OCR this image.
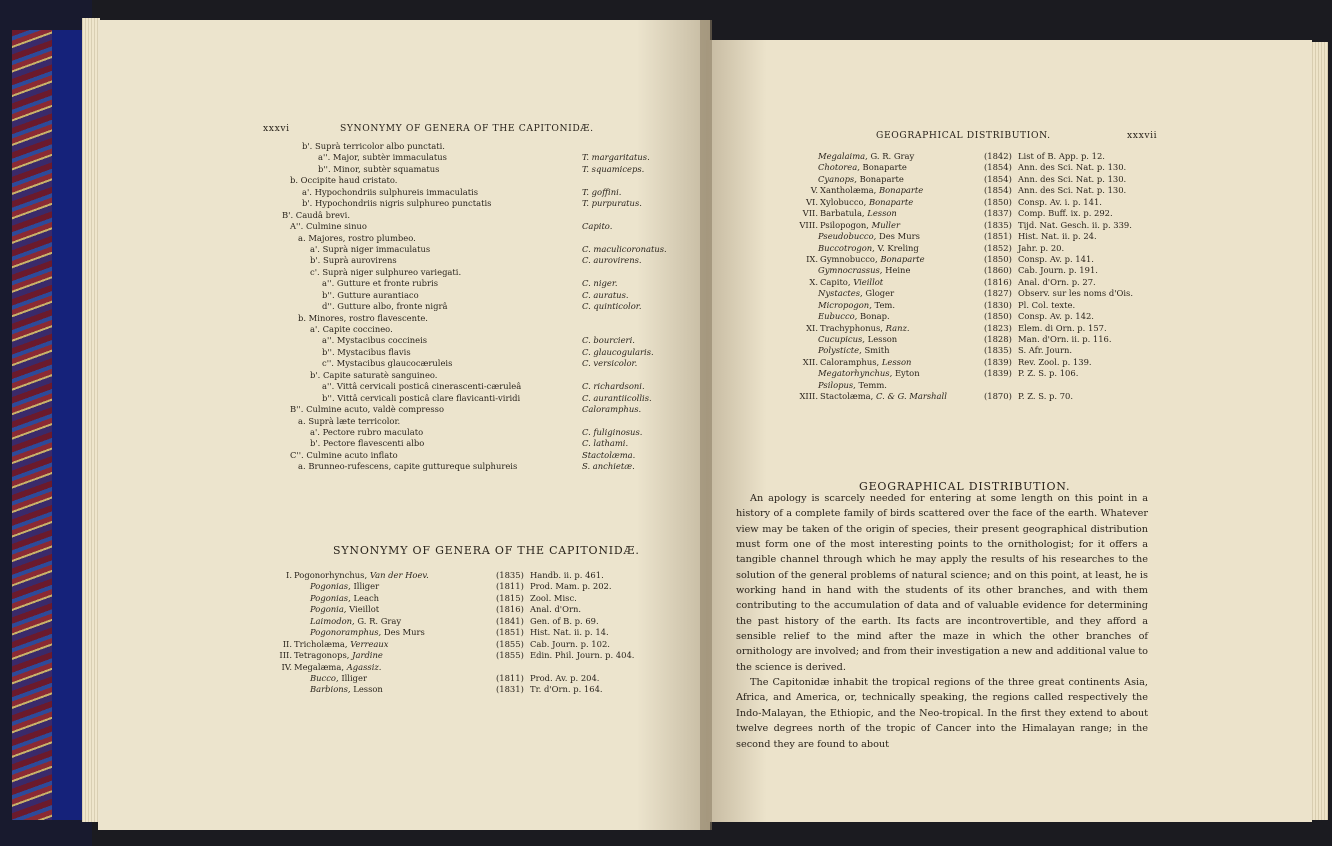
xxxvi	SYNONYMY OF GENERA OF THE CAPITONIDÆ.
b'. Suprà terricolor albo punctati.
a''. Major, subtèr immaculatus	T. margaritatus.
b''. Minor, subtèr squamatus	T. squamiceps.
b. Occipite haud cristato.
a'. Hypochondriis sulphureis immaculatis	T. goffini.
b'. Hypochondriis nigris sulphureo punctatis	T. purpuratus.
B'. Caudâ brevi.
A''. Culmine sinuo	Capito.
a. Majores, rostro plumbeo.
a'. Suprà niger immaculatus	C. maculicoronatus.
b'. Suprà aurovirens	C. aurovirens.
c'. Suprà niger sulphureo variegati.
a''. Gutture et fronte rubris	C. niger.
b''. Gutture aurantiaco	C. auratus.
d''. Gutture albo, fronte nigrâ	C. quinticolor.
b. Minores, rostro flavescente.
a'. Capite coccineo.
a''. Mystacibus coccineis	C. bourcieri.
b''. Mystacibus flavis	C. glaucogularis.
c''. Mystacibus glaucocæruleis	C. versicolor.
b'. Capite saturatè sanguineo.
a''. Vittâ cervicali posticâ cinerascenti-cæruleâ	C. richardsoni.
b''. Vittâ cervicali posticâ clare flavicanti-viridi	C. aurantiicollis.
B''. Culmine acuto, valdè compresso	Caloramphus.
a. Suprà læte terricolor.
a'. Pectore rubro maculato	C. fuliginosus.
b'. Pectore flavescenti albo	C. lathami.
C''. Culmine acuto inflato	Stactolæma.
a. Brunneo-rufescens, capite guttureque sulphureis	S. anchietæ.
SYNONYMY OF GENERA OF THE CAPITONIDÆ.
I. Pogonorhynchus, Van der Hoev.	(1835) Handb. ii. p. 461.
Pogonias, Illiger	(1811) Prod. Mam. p. 202.
Pogonias, Leach	(1815) Zool. Misc.
Pogonia, Vieillot	(1816) Anal. d'Orn.
Laimodon, G. R. Gray	(1841) Gen. of B. p. 69.
Pogonoramphus, Des Murs	(1851) Hist. Nat. ii. p. 14.
II. Tricholæma, Verreaux	(1855) Cab. Journ. p. 102.
III. Tetragonops, Jardine	(1855) Edin. Phil. Journ. p. 404.
IV. Megalæma, Agassiz.
Bucco, Illiger	(1811) Prod. Av. p. 204.
Barbions, Lesson	(1831) Tr. d'Orn. p. 164.
GEOGRAPHICAL DISTRIBUTION.	xxxvii
Megalaima, G. R. Gray	(1842) List of B. App. p. 12.
Chotorea, Bonaparte	(1854) Ann. des Sci. Nat. p. 130.
Cyanops, Bonaparte	(1854) Ann. des Sci. Nat. p. 130.
V. Xantholæma, Bonaparte	(1854) Ann. des Sci. Nat. p. 130.
VI. Xylobucco, Bonaparte	(1850) Consp. Av. i. p. 141.
VII. Barbatula, Lesson	(1837) Comp. Buff. ix. p. 292.
VIII. Psilopogon, Muller	(1835) Tijd. Nat. Gesch. ii. p. 339.
Pseudobucco, Des Murs	(1851) Hist. Nat. ii. p. 24.
Buccotrogon, V. Kreling	(1852) Jahr. p. 20.
IX. Gymnobucco, Bonaparte	(1850) Consp. Av. p. 141.
Gymnocrassus, Heine	(1860) Cab. Journ. p. 191.
X. Capito, Vieillot	(1816) Anal. d'Orn. p. 27.
Nystactes, Gloger	(1827) Observ. sur les noms d'Ois.
Micropogon, Tem.	(1830) Pl. Col. texte.
Eubucco, Bonap.	(1850) Consp. Av. p. 142.
XI. Trachyphonus, Ranz.	(1823) Elem. di Orn. p. 157.
Cucupicus, Lesson	(1828) Man. d'Orn. ii. p. 116.
Polysticte, Smith	(1835) S. Afr. Journ.
XII. Caloramphus, Lesson	(1839) Rev. Zool. p. 139.
Megatorhynchus, Eyton	(1839) P. Z. S. p. 106.
Psilopus, Temm.
XIII. Stactolæma, C. & G. Marshall	(1870) P. Z. S. p. 70.
GEOGRAPHICAL DISTRIBUTION.

An apology is scarcely needed for entering at some length on this point in a history of a complete family of birds scattered over the face of the earth. Whatever view may be taken of the origin of species, their present geographical distribution must form one of the most interesting points to the ornithologist; for it offers a tangible channel through which he may apply the results of his researches to the solution of the general problems of natural science; and on this point, at least, he is working hand in hand with the students of its other branches, and with them contributing to the accumulation of data and of valuable evidence for determining the past history of the earth. Its facts are incontrovertible, and they afford a sensible relief to the mind after the maze in which the other branches of ornithology are involved; and from their investigation a new and additional value to the science is derived.

The Capitonidæ inhabit the tropical regions of the three great continents Asia, Africa, and America, or, technically speaking, the regions called respectively the Indo-Malayan, the Ethiopic, and the Neo-tropical. In the first they extend to about twelve degrees north of the tropic of Cancer into the Himalayan range; in the second they are found to about
